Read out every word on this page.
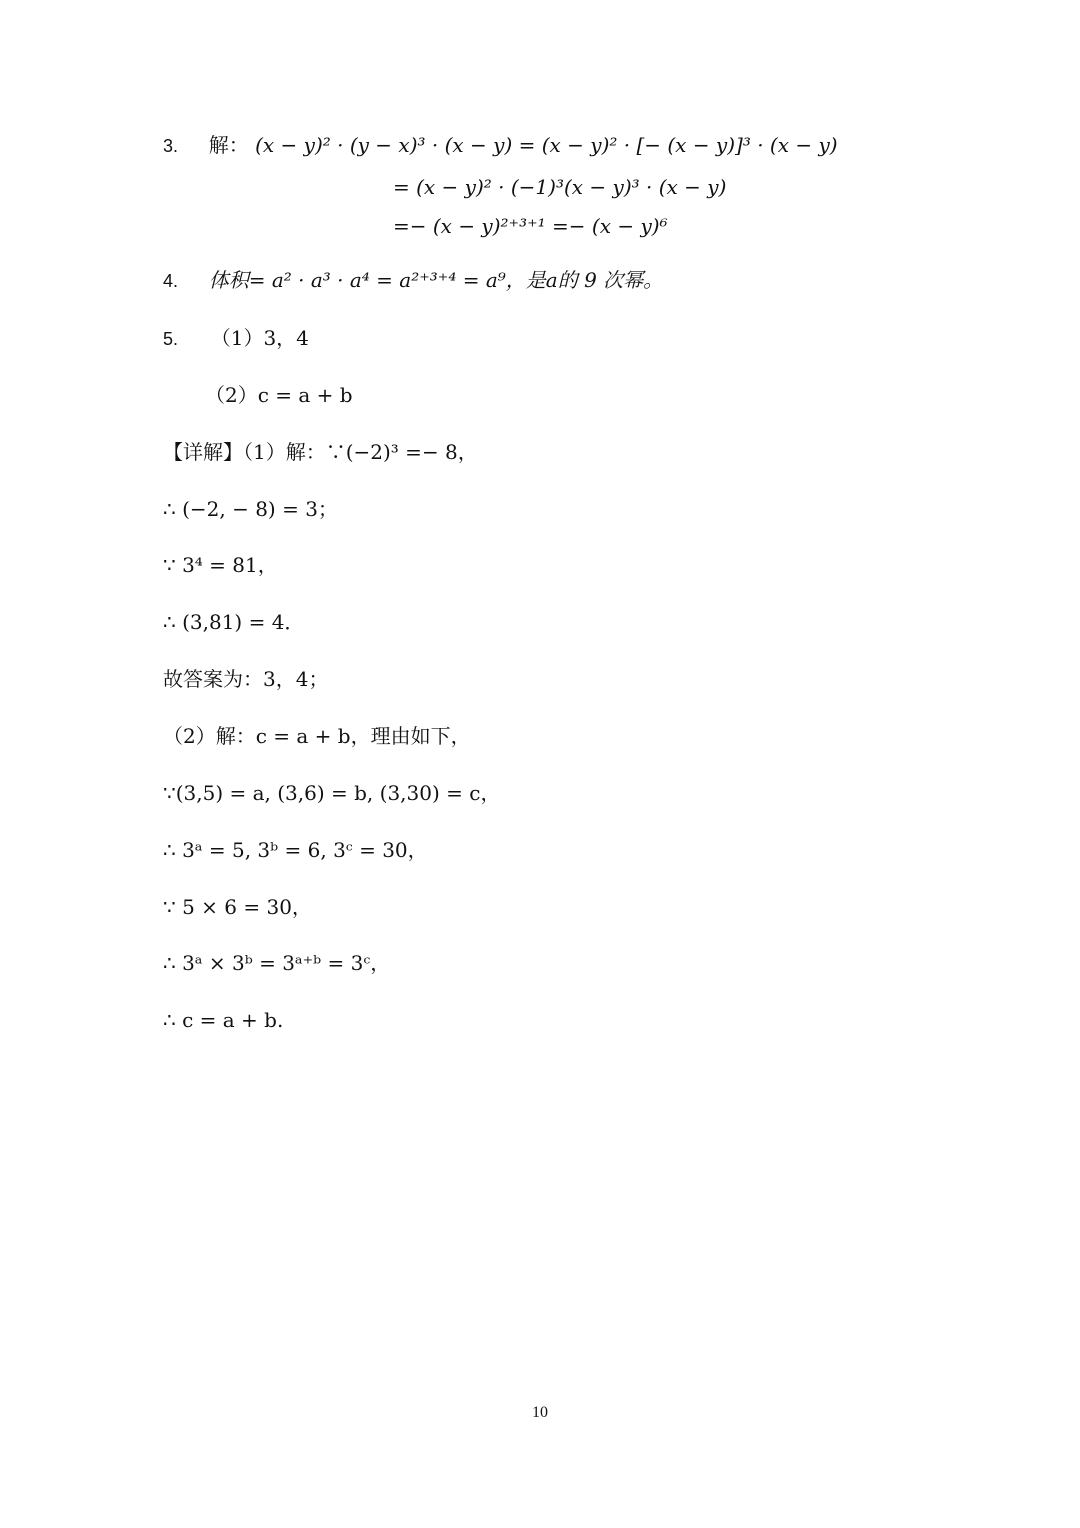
3. 解： (x − y)² · (y − x)³ · (x − y) = (x − y)² · [− (x − y)]³ · (x − y)
= (x − y)² · (−1)³(x − y)³ · (x − y)
=− (x − y)²⁺³⁺¹ =− (x − y)⁶
4. 体积= a² · a³ · a⁴ = a²⁺³⁺⁴ = a⁹，是a的 9 次幂。
5. （1）3，4
（2）c = a + b
【详解】（1）解：∵(−2)³ =− 8，
∴ (−2, − 8) = 3；
∵ 3⁴ = 81，
∴ (3,81) = 4．
故答案为：3，4；
（2）解：c = a + b，理由如下，
∵(3,5) = a, (3,6) = b, (3,30) = c，
∴ 3ᵃ = 5, 3ᵇ = 6, 3ᶜ = 30，
∵ 5 × 6 = 30，
∴ 3ᵃ × 3ᵇ = 3ᵃ⁺ᵇ = 3ᶜ，
∴ c = a + b.
10
